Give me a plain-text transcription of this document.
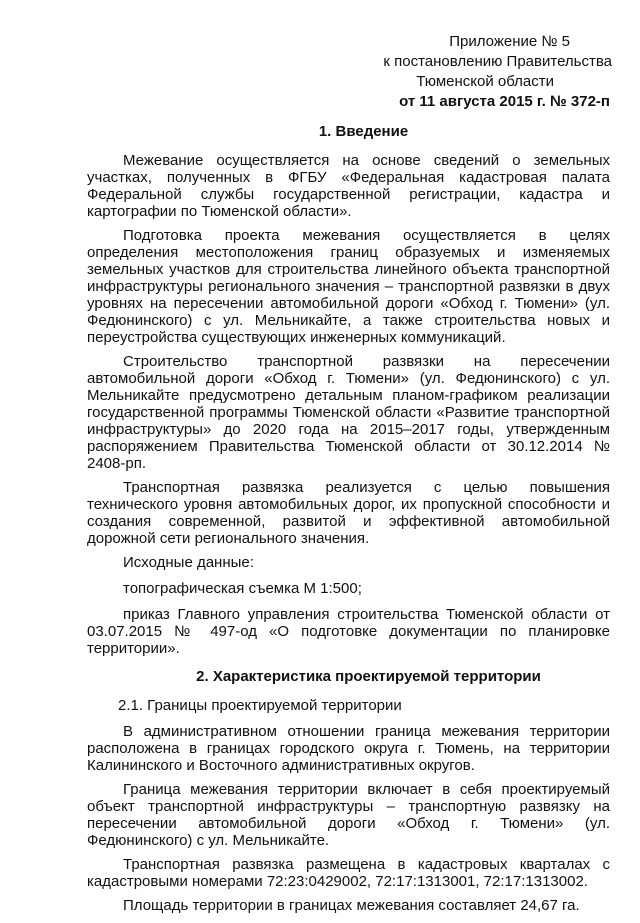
Приложение № 5
к постановлению Правительства
Тюменской области
от 11 августа 2015 г. № 372-п
1. Введение

Межевание осуществляется на основе сведений о земельных участках, полученных в ФГБУ «Федеральная кадастровая палата Федеральной службы государственной регистрации, кадастра и картографии по Тюменской области».

Подготовка проекта межевания осуществляется в целях определения местоположения границ образуемых и изменяемых земельных участков для строительства линейного объекта транспортной инфраструктуры регионального значения – транспортной развязки в двух уровнях на пересечении автомобильной дороги «Обход г. Тюмени» (ул. Федюнинского) с ул. Мельникайте, а также строительства новых и переустройства существующих инженерных коммуникаций.

Строительство транспортной развязки на пересечении автомобильной дороги «Обход г. Тюмени» (ул. Федюнинского) с ул. Мельникайте предусмотрено детальным планом-графиком реализации государственной программы Тюменской области «Развитие транспортной инфраструктуры» до 2020 года на 2015–2017 годы, утвержденным распоряжением Правительства Тюменской области от 30.12.2014 № 2408-рп.

Транспортная развязка реализуется с целью повышения технического уровня автомобильных дорог, их пропускной способности и создания современной, развитой и эффективной автомобильной дорожной сети регионального значения.

Исходные данные:

топографическая съемка М 1:500;

приказ Главного управления строительства Тюменской области от 03.07.2015 № 497-од «О подготовке документации по планировке территории».

2. Характеристика проектируемой территории

2.1. Границы проектируемой территории

В административном отношении граница межевания территории расположена в границах городского округа г. Тюмень, на территории Калининского и Восточного административных округов.

Граница межевания территории включает в себя проектируемый объект транспортной инфраструктуры – транспортную развязку на пересечении автомобильной дороги «Обход г. Тюмени» (ул. Федюнинского) с ул. Мельникайте.

Транспортная развязка размещена в кадастровых кварталах с кадастровыми номерами 72:23:0429002, 72:17:1313001, 72:17:1313002.

Площадь территории в границах межевания составляет 24,67 га.
